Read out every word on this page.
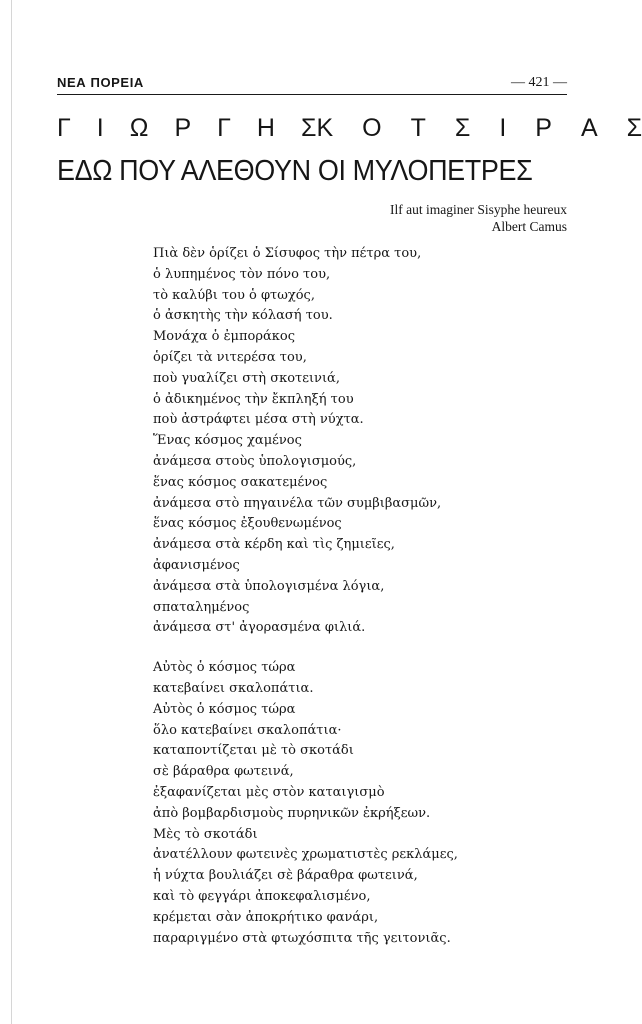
ΝΕΑ ΠΟΡΕΙΑ	— 421 —
Γ Ι Ω Ρ Γ Η Σ Κ Ο Τ Σ Ι Ρ Α Σ
ΕΔΩ ΠΟΥ ΑΛΕΘΟΥΝ ΟΙ ΜΥΛΟΠΕΤΡΕΣ
Ilf aut imaginer Sisyphe heureux
Albert Camus
Πιὰ δὲν ὁρίζει ὁ Σίσυφος τὴν πέτρα του,
ὁ λυπημένος τὸν πόνο του,
τὸ καλύβι του ὁ φτωχός,
ὁ ἀσκητὴς τὴν κόλασή του.
Μονάχα ὁ ἐμποράκος
ὁρίζει τὰ νιτερέσα του,
ποὺ γυαλίζει στὴ σκοτεινιά,
ὁ ἀδικημένος τὴν ἔκπληξή του
ποὺ ἀστράφτει μέσα στὴ νύχτα.
Ἕνας κόσμος χαμένος
ἀνάμεσα στοὺς ὑπολογισμούς,
ἕνας κόσμος σακατεμένος
ἀνάμεσα στὸ πηγαινέλα τῶν συμβιβασμῶν,
ἕνας κόσμος ἐξουθενωμένος
ἀνάμεσα στὰ κέρδη καὶ τὶς ζημιεῖες,
ἀφανισμένος
ἀνάμεσα στὰ ὑπολογισμένα λόγια,
σπαταλημένος
ἀνάμεσα στ' ἀγορασμένα φιλιά.
Αὐτὸς ὁ κόσμος τώρα
κατεβαίνει σκαλοπάτια.
Αὐτὸς ὁ κόσμος τώρα
ὅλο κατεβαίνει σκαλοπάτια·
καταποντίζεται μὲ τὸ σκοτάδι
σὲ βάραθρα φωτεινά,
ἐξαφανίζεται μὲς στὸν καταιγισμὸ
ἀπὸ βομβαρδισμοὺς πυρηνικῶν ἐκρήξεων.
Μὲς τὸ σκοτάδι
ἀνατέλλουν φωτεινὲς χρωματιστὲς ρεκλάμες,
ἡ νύχτα βουλιάζει σὲ βάραθρα φωτεινά,
καὶ τὸ φεγγάρι ἀποκεφαλισμένο,
κρέμεται σὰν ἀποκρήτικο φανάρι,
παραριγμένο στὰ φτωχόσπιτα τῆς γειτονιᾶς.
